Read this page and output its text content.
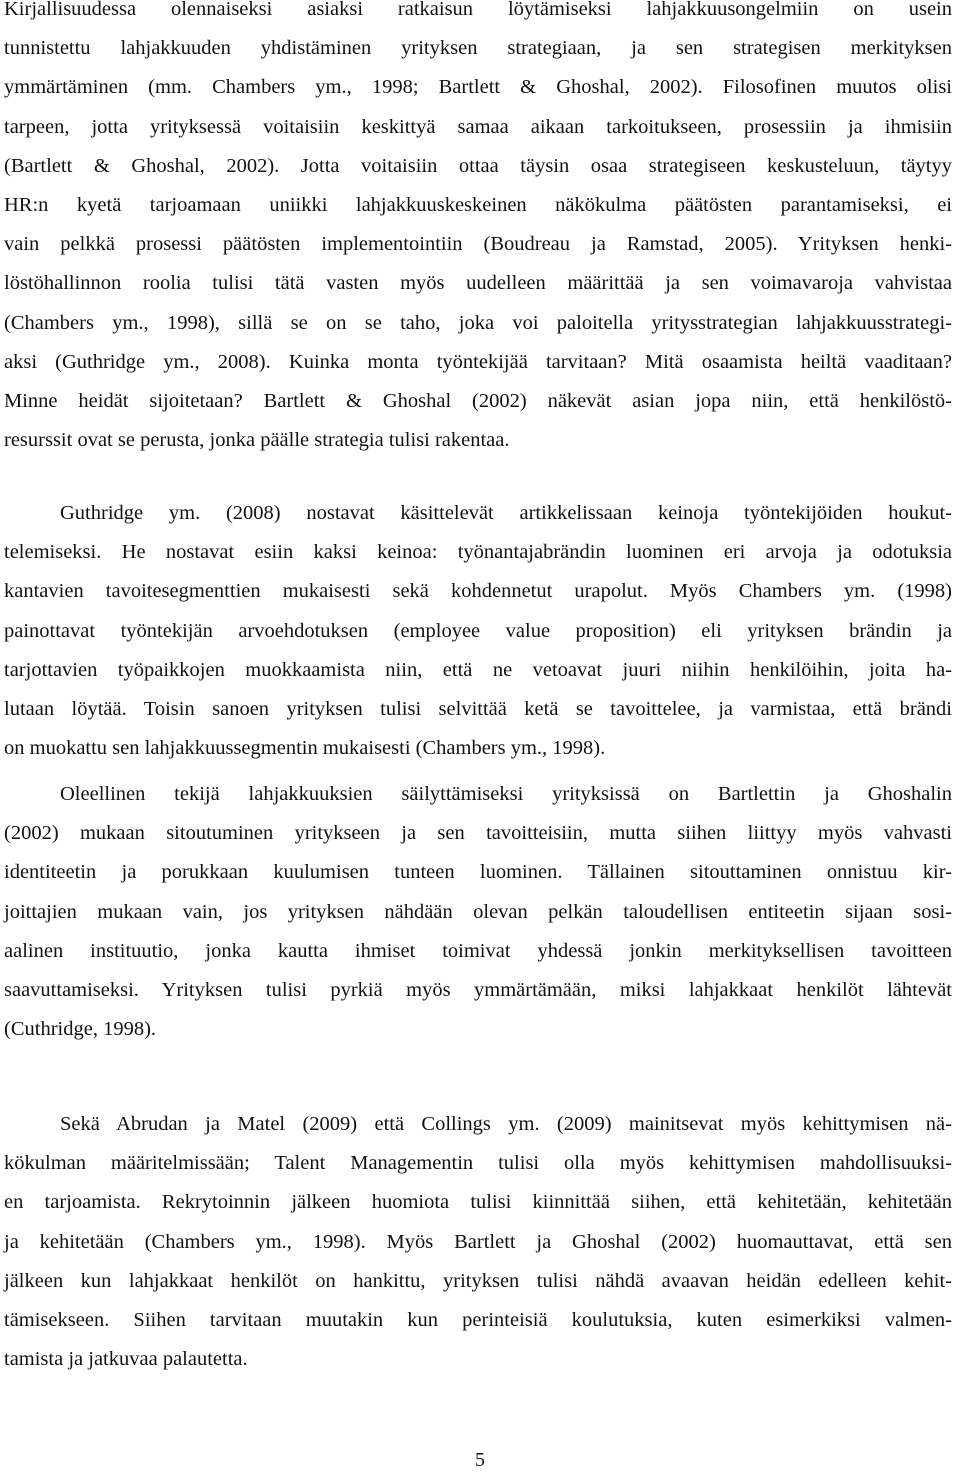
Kirjallisuudessa olennaiseksi asiaksi ratkaisun löytämiseksi lahjakkuusongelmiin on usein
tunnistettu lahjakkuuden yhdistäminen yrityksen strategiaan, ja sen strategisen merkityksen
ymmärtäminen (mm. Chambers ym., 1998; Bartlett & Ghoshal, 2002). Filosofinen muutos olisi
tarpeen, jotta yrityksessä voitaisiin keskittyä samaa aikaan tarkoitukseen, prosessiin ja ihmisiin
(Bartlett & Ghoshal, 2002). Jotta voitaisiin ottaa täysin osaa strategiseen keskusteluun, täytyy
HR:n kyetä tarjoamaan uniikki lahjakkuuskeskeinen näkökulma päätösten parantamiseksi, ei
vain pelkkä prosessi päätösten implementointiin (Boudreau ja Ramstad, 2005). Yrityksen henki-
löstöhallinnon roolia tulisi tätä vasten myös uudelleen määrittää ja sen voimavaroja vahvistaa
(Chambers ym., 1998), sillä se on se taho, joka voi paloitella yritysstrategian lahjakkuusstrategi-
aksi (Guthridge ym., 2008). Kuinka monta työntekijää tarvitaan? Mitä osaamista heiltä vaaditaan?
Minne heidät sijoitetaan? Bartlett & Ghoshal (2002) näkevät asian jopa niin, että henkilöstö-
resurssit ovat se perusta, jonka päälle strategia tulisi rakentaa.

Guthridge ym. (2008) nostavat käsittelevät artikkelissaan keinoja työntekijöiden houkut-
telemiseksi. He nostavat esiin kaksi keinoa: työnantajabrändin luominen eri arvoja ja odotuksia
kantavien tavoitesegmenttien mukaisesti sekä kohdennetut urapolut. Myös Chambers ym. (1998)
painottavat työntekijän arvoehdotuksen (employee value proposition) eli yrityksen brändin ja
tarjottavien työpaikkojen muokkaamista niin, että ne vetoavat juuri niihin henkilöihin, joita ha-
lutaan löytää. Toisin sanoen yrityksen tulisi selvittää ketä se tavoittelee, ja varmistaa, että brändi
on muokattu sen lahjakkuussegmentin mukaisesti (Chambers ym., 1998).

Oleellinen tekijä lahjakkuuksien säilyttämiseksi yrityksissä on Bartlettin ja Ghoshalin
(2002) mukaan sitoutuminen yritykseen ja sen tavoitteisiin, mutta siihen liittyy myös vahvasti
identiteetin ja porukkaan kuulumisen tunteen luominen. Tällainen sitouttaminen onnistuu kir-
joittajien mukaan vain, jos yrityksen nähdään olevan pelkän taloudellisen entiteetin sijaan sosi-
aalinen instituutio, jonka kautta ihmiset toimivat yhdessä jonkin merkityksellisen tavoitteen
saavuttamiseksi. Yrityksen tulisi pyrkiä myös ymmärtämään, miksi lahjakkaat henkilöt lähtevät
(Cuthridge, 1998).

Sekä Abrudan ja Matel (2009) että Collings ym. (2009) mainitsevat myös kehittymisen nä-
kökulman määritelmissään; Talent Managementin tulisi olla myös kehittymisen mahdollisuuksi-
en tarjoamista. Rekrytoinnin jälkeen huomiota tulisi kiinnittää siihen, että kehitetään, kehitetään
ja kehitetään (Chambers ym., 1998). Myös Bartlett ja Ghoshal (2002) huomauttavat, että sen
jälkeen kun lahjakkaat henkilöt on hankittu, yrityksen tulisi nähdä avaavan heidän edelleen kehit-
tämisekseen. Siihen tarvitaan muutakin kun perinteisiä koulutuksia, kuten esimerkiksi valmen-
tamista ja jatkuvaa palautetta.

5
